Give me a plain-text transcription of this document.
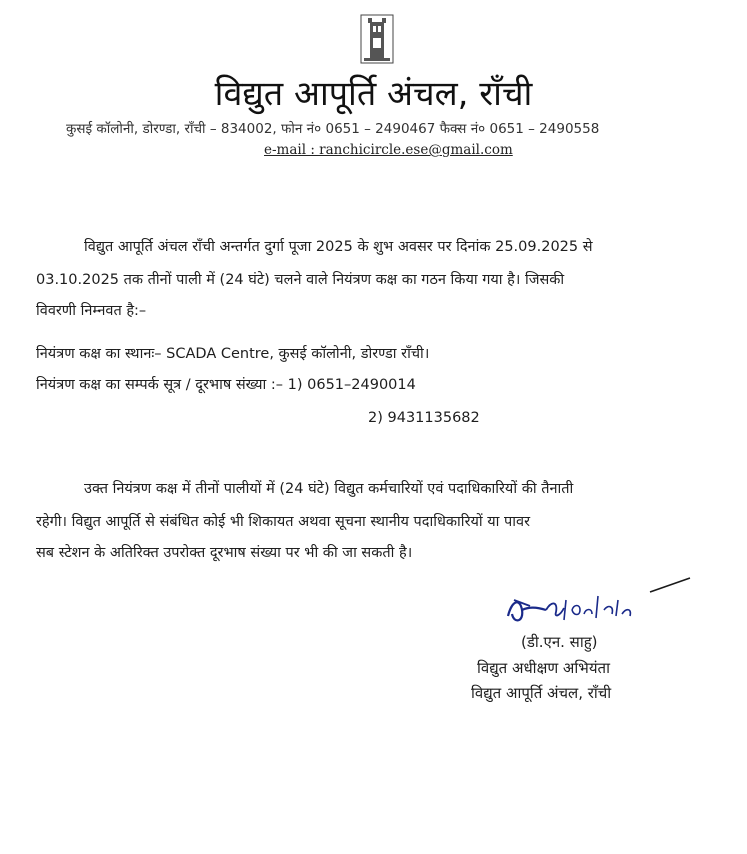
विद्युत आपूर्ति अंचल, राँची
कुसई कॉलोनी, डोरण्डा, राँची – 834002, फोन नं० 0651 – 2490467 फैक्स नं० 0651 – 2490558
e-mail : ranchicircle.ese@gmail.com
विद्युत आपूर्ति अंचल राँची अन्तर्गत दुर्गा पूजा 2025 के शुभ अवसर पर दिनांक 25.09.2025 से
03.10.2025 तक तीनों पाली में (24 घंटे) चलने वाले नियंत्रण कक्ष का गठन किया गया है। जिसकी
विवरणी निम्नवत है:–
नियंत्रण कक्ष का स्थानः– SCADA Centre, कुसई कॉलोनी, डोरण्डा राँची।
नियंत्रण कक्ष का सम्पर्क सूत्र / दूरभाष संख्या :– 1) 0651–2490014
2) 9431135682
उक्त नियंत्रण कक्ष में तीनों पालीयों में (24 घंटे) विद्युत कर्मचारियों एवं पदाधिकारियों की तैनाती
रहेगी। विद्युत आपूर्ति से संबंधित कोई भी शिकायत अथवा सूचना स्थानीय पदाधिकारियों या पावर
सब स्टेशन के अतिरिक्त उपरोक्त दूरभाष संख्या पर भी की जा सकती है।
(डी.एन. साहु)
विद्युत अधीक्षण अभियंता
विद्युत आपूर्ति अंचल, राँची
